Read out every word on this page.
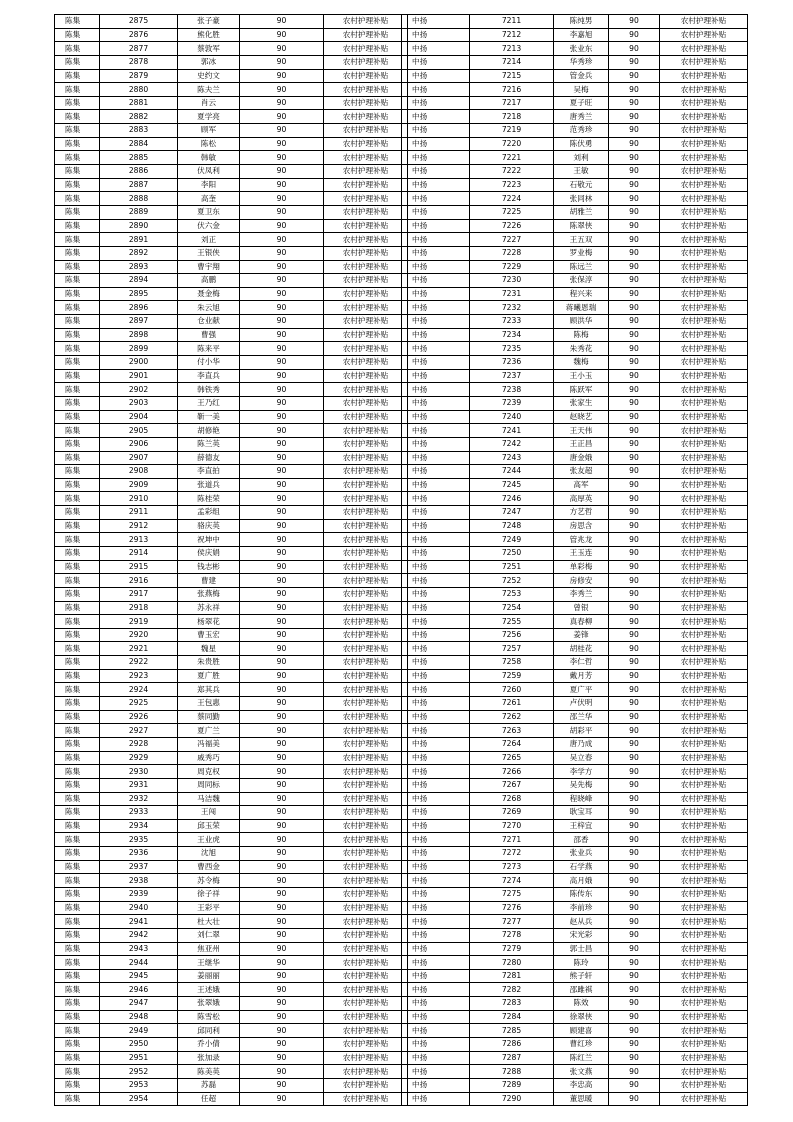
陈集	2875	张子豪	90	农村护理补贴
陈集	2876	熊化胜	90	农村护理补贴
陈集	2877	蔡敦军	90	农村护理补贴
陈集	2878	郭冰	90	农村护理补贴
陈集	2879	史约文	90	农村护理补贴
陈集	2880	陈夫兰	90	农村护理补贴
陈集	2881	肖云	90	农村护理补贴
陈集	2882	夏学亮	90	农村护理补贴
陈集	2883	顾军	90	农村护理补贴
陈集	2884	陈松	90	农村护理补贴
陈集	2885	韩敏	90	农村护理补贴
陈集	2886	伏凤利	90	农村护理补贴
陈集	2887	李阳	90	农村护理补贴
陈集	2888	高奎	90	农村护理补贴
陈集	2889	夏卫东	90	农村护理补贴
陈集	2890	伏六金	90	农村护理补贴
陈集	2891	刘正	90	农村护理补贴
陈集	2892	王银侠	90	农村护理补贴
陈集	2893	曹宇翔	90	农村护理补贴
陈集	2894	高鹏	90	农村护理补贴
陈集	2895	聂金梅	90	农村护理补贴
陈集	2896	朱云旭	90	农村护理补贴
陈集	2897	仓业献	90	农村护理补贴
陈集	2898	曹强	90	农村护理补贴
陈集	2899	陈来平	90	农村护理补贴
陈集	2900	付小华	90	农村护理补贴
陈集	2901	李直兵	90	农村护理补贴
陈集	2902	韩铁秀	90	农村护理补贴
陈集	2903	王乃红	90	农村护理补贴
陈集	2904	靳一美	90	农村护理补贴
陈集	2905	胡修艳	90	农村护理补贴
陈集	2906	陈兰英	90	农村护理补贴
陈集	2907	薛德友	90	农村护理补贴
陈集	2908	李直拍	90	农村护理补贴
陈集	2909	张道兵	90	农村护理补贴
陈集	2910	陈桂荣	90	农村护理补贴
陈集	2911	孟彩组	90	农村护理补贴
陈集	2912	骆庆英	90	农村护理补贴
陈集	2913	祝坤中	90	农村护理补贴
陈集	2914	侯庆娟	90	农村护理补贴
陈集	2915	钱志彬	90	农村护理补贴
陈集	2916	曹建	90	农村护理补贴
陈集	2917	张燕梅	90	农村护理补贴
陈集	2918	苏永祥	90	农村护理补贴
陈集	2919	杨翠花	90	农村护理补贴
陈集	2920	曹玉宏	90	农村护理补贴
陈集	2921	魏星	90	农村护理补贴
陈集	2922	朱贵胜	90	农村护理补贴
陈集	2923	夏广胜	90	农村护理补贴
陈集	2924	郑其兵	90	农村护理补贴
陈集	2925	王包惠	90	农村护理补贴
陈集	2926	蔡同勤	90	农村护理补贴
陈集	2927	夏广兰	90	农村护理补贴
陈集	2928	冯福美	90	农村护理补贴
陈集	2929	戚秀巧	90	农村护理补贴
陈集	2930	周克权	90	农村护理补贴
陈集	2931	周同标	90	农村护理补贴
陈集	2932	马洁魏	90	农村护理补贴
陈集	2933	王闯	90	农村护理补贴
陈集	2934	邱玉荣	90	农村护理补贴
陈集	2935	王业虎	90	农村护理补贴
陈集	2936	沈旭	90	农村护理补贴
陈集	2937	曹西金	90	农村护理补贴
陈集	2938	苏令梅	90	农村护理补贴
陈集	2939	徐子祥	90	农村护理补贴
陈集	2940	王彩平	90	农村护理补贴
陈集	2941	杜大壮	90	农村护理补贴
陈集	2942	刘仁翠	90	农村护理补贴
陈集	2943	焦亚州	90	农村护理补贴
陈集	2944	王继华	90	农村护理补贴
陈集	2945	姜丽丽	90	农村护理补贴
陈集	2946	王述娥	90	农村护理补贴
陈集	2947	张翠娥	90	农村护理补贴
陈集	2948	陈雪松	90	农村护理补贴
陈集	2949	邱同利	90	农村护理补贴
陈集	2950	乔小倩	90	农村护理补贴
陈集	2951	张加录	90	农村护理补贴
陈集	2952	陈美英	90	农村护理补贴
陈集	2953	苏磊	90	农村护理补贴
陈集	2954	任超	90	农村护理补贴
中扬	7211	陈纯男	90	农村护理补贴
中扬	7212	李嘉旭	90	农村护理补贴
中扬	7213	张业东	90	农村护理补贴
中扬	7214	华秀珍	90	农村护理补贴
中扬	7215	管金兵	90	农村护理补贴
中扬	7216	吴梅	90	农村护理补贴
中扬	7217	夏子旺	90	农村护理补贴
中扬	7218	唐秀兰	90	农村护理补贴
中扬	7219	范秀珍	90	农村护理补贴
中扬	7220	陈伏勇	90	农村护理补贴
中扬	7221	刘利	90	农村护理补贴
中扬	7222	王敏	90	农村护理补贴
中扬	7223	石敬元	90	农村护理补贴
中扬	7224	张同林	90	农村护理补贴
中扬	7225	胡雅兰	90	农村护理补贴
中扬	7226	陈翠侠	90	农村护理补贴
中扬	7227	王五双	90	农村护理补贴
中扬	7228	罗业梅	90	农村护理补贴
中扬	7229	陈远兰	90	农村护理补贴
中扬	7230	张保淳	90	农村护理补贴
中扬	7231	程兴来	90	农村护理补贴
中扬	7232	蒋曦恩瑞	90	农村护理补贴
中扬	7233	顾洪华	90	农村护理补贴
中扬	7234	陈梅	90	农村护理补贴
中扬	7235	朱秀花	90	农村护理补贴
中扬	7236	魏梅	90	农村护理补贴
中扬	7237	王小玉	90	农村护理补贴
中扬	7238	陈跃军	90	农村护理补贴
中扬	7239	张家生	90	农村护理补贴
中扬	7240	赵晓艺	90	农村护理补贴
中扬	7241	王天伟	90	农村护理补贴
中扬	7242	王正昌	90	农村护理补贴
中扬	7243	唐金娥	90	农村护理补贴
中扬	7244	张友超	90	农村护理补贴
中扬	7245	高军	90	农村护理补贴
中扬	7246	高厚英	90	农村护理补贴
中扬	7247	方艺哲	90	农村护理补贴
中扬	7248	房思含	90	农村护理补贴
中扬	7249	管兆龙	90	农村护理补贴
中扬	7250	王玉连	90	农村护理补贴
中扬	7251	单彩梅	90	农村护理补贴
中扬	7252	房修安	90	农村护理补贴
中扬	7253	李秀兰	90	农村护理补贴
中扬	7254	曾银	90	农村护理补贴
中扬	7255	真春柳	90	农村护理补贴
中扬	7256	姜锋	90	农村护理补贴
中扬	7257	胡桂花	90	农村护理补贴
中扬	7258	李仁哲	90	农村护理补贴
中扬	7259	戴月芳	90	农村护理补贴
中扬	7260	夏广平	90	农村护理补贴
中扬	7261	卢伏明	90	农村护理补贴
中扬	7262	邵兰华	90	农村护理补贴
中扬	7263	胡彩平	90	农村护理补贴
中扬	7264	唐乃成	90	农村护理补贴
中扬	7265	吴立春	90	农村护理补贴
中扬	7266	李学方	90	农村护理补贴
中扬	7267	吴先梅	90	农村护理补贴
中扬	7268	程晓峰	90	农村护理补贴
中扬	7269	耿宝耳	90	农村护理补贴
中扬	7270	王梓宜	90	农村护理补贴
中扬	7271	邵香	90	农村护理补贴
中扬	7272	张业兵	90	农村护理补贴
中扬	7273	石学燕	90	农村护理补贴
中扬	7274	高月娥	90	农村护理补贴
中扬	7275	陈传东	90	农村护理补贴
中扬	7276	李前珍	90	农村护理补贴
中扬	7277	赵从兵	90	农村护理补贴
中扬	7278	宋光彩	90	农村护理补贴
中扬	7279	郭士昌	90	农村护理补贴
中扬	7280	陈玲	90	农村护理补贴
中扬	7281	熊子轩	90	农村护理补贴
中扬	7282	邵雎祺	90	农村护理补贴
中扬	7283	陈效	90	农村护理补贴
中扬	7284	徐翠侠	90	农村护理补贴
中扬	7285	顾建喜	90	农村护理补贴
中扬	7286	曹红珍	90	农村护理补贴
中扬	7287	陈红兰	90	农村护理补贴
中扬	7288	张文燕	90	农村护理补贴
中扬	7289	李忠高	90	农村护理补贴
中扬	7290	董思暖	90	农村护理补贴
